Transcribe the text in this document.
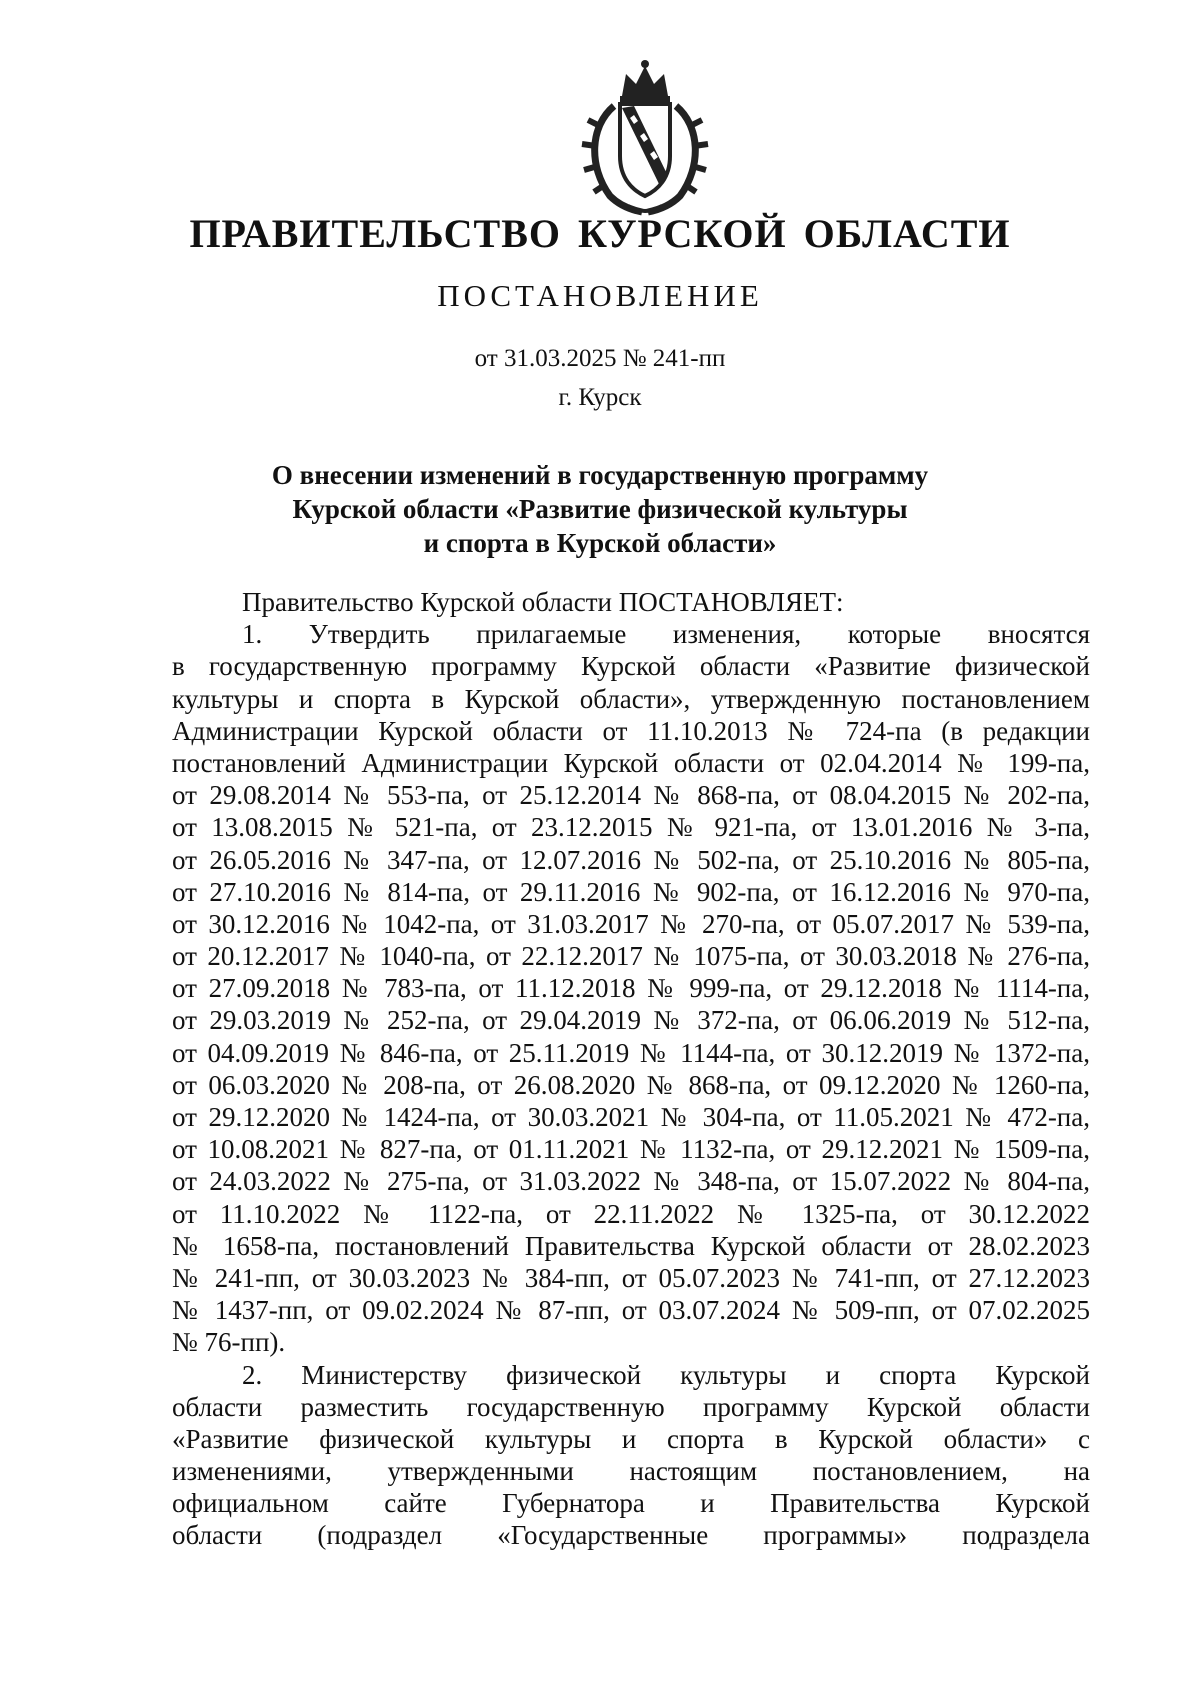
ПРАВИТЕЛЬСТВО КУРСКОЙ ОБЛАСТИ
ПОСТАНОВЛЕНИЕ
от 31.03.2025 № 241-пп
г. Курск
О внесении изменений в государственную программу
Курской области «Развитие физической культуры
и спорта в Курской области»
Правительство Курской области ПОСТАНОВЛЯЕТ:
1. Утвердить прилагаемые изменения, которые вносятся
в государственную программу Курской области «Развитие физической
культуры и спорта в Курской области», утвержденную постановлением
Администрации Курской области от 11.10.2013 № 724-па (в редакции
постановлений Администрации Курской области от 02.04.2014 № 199-па,
от 29.08.2014 № 553-па, от 25.12.2014 № 868-па, от 08.04.2015 № 202-па,
от 13.08.2015 № 521-па, от 23.12.2015 № 921-па, от 13.01.2016 № 3-па,
от 26.05.2016 № 347-па, от 12.07.2016 № 502-па, от 25.10.2016 № 805-па,
от 27.10.2016 № 814-па, от 29.11.2016 № 902-па, от 16.12.2016 № 970-па,
от 30.12.2016 № 1042-па, от 31.03.2017 № 270-па, от 05.07.2017 № 539-па,
от 20.12.2017 № 1040-па, от 22.12.2017 № 1075-па, от 30.03.2018 № 276-па,
от 27.09.2018 № 783-па, от 11.12.2018 № 999-па, от 29.12.2018 № 1114-па,
от 29.03.2019 № 252-па, от 29.04.2019 № 372-па, от 06.06.2019 № 512-па,
от 04.09.2019 № 846-па, от 25.11.2019 № 1144-па, от 30.12.2019 № 1372-па,
от 06.03.2020 № 208-па, от 26.08.2020 № 868-па, от 09.12.2020 № 1260-па,
от 29.12.2020 № 1424-па, от 30.03.2021 № 304-па, от 11.05.2021 № 472-па,
от 10.08.2021 № 827-па, от 01.11.2021 № 1132-па, от 29.12.2021 № 1509-па,
от 24.03.2022 № 275-па, от 31.03.2022 № 348-па, от 15.07.2022 № 804-па,
от 11.10.2022 № 1122-па, от 22.11.2022 № 1325-па, от 30.12.2022
№ 1658-па, постановлений Правительства Курской области от 28.02.2023
№ 241-пп, от 30.03.2023 № 384-пп, от 05.07.2023 № 741-пп, от 27.12.2023
№ 1437-пп, от 09.02.2024 № 87-пп, от 03.07.2024 № 509-пп, от 07.02.2025
№ 76-пп).
2. Министерству физической культуры и спорта Курской
области разместить государственную программу Курской области
«Развитие физической культуры и спорта в Курской области» с
изменениями, утвержденными настоящим постановлением, на
официальном сайте Губернатора и Правительства Курской
области (подраздел «Государственные программы» подраздела
